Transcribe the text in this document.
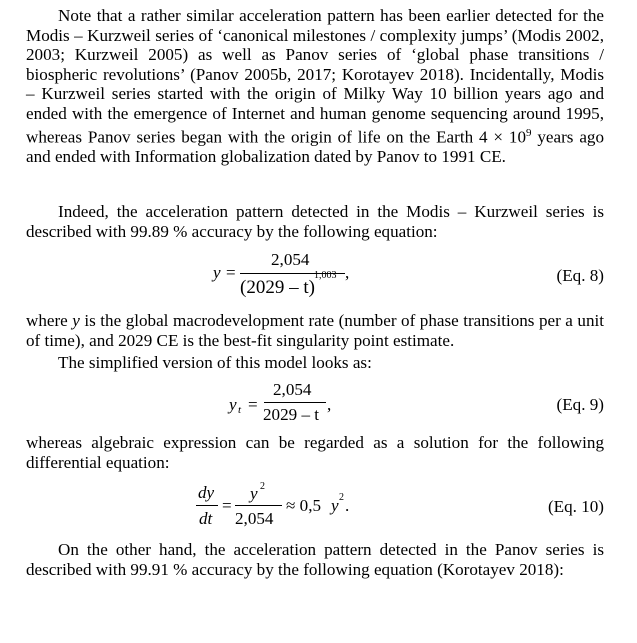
Note that a rather similar acceleration pattern has been earlier detected for the Modis – Kurzweil series of ‘canonical milestones / complexity jumps’ (Modis 2002, 2003; Kurzweil 2005) as well as Panov series of ‘global phase transitions / biospheric revolutions’ (Panov 2005b, 2017; Korotayev 2018). Incidentally, Modis – Kurzweil series started with the origin of Milky Way 10 billion years ago and ended with the emergence of Internet and human genome sequencing around 1995, whereas Panov series began with the origin of life on the Earth $4 \times 10^9$ years ago and ended with Information globalization dated by Panov to 1991 CE.

Indeed, the acceleration pattern detected in the Modis – Kurzweil series is described with 99.89 % accuracy by the following equation:

y =
2,054
(2029 – t)
1,003 ,	(Eq. 8)

where y is the global macrodevelopment rate (number of phase transitions per a unit of time), and 2029 CE is the best-fit singularity point estimate.

The simplified version of this model looks as:

y t =
2,054
2029 – t
,	(Eq. 9)

whereas algebraic expression can be regarded as a solution for the following differential equation:

dy
dt
=
y 2
2,054
≈ 0,5 y 2 .	(Eq. 10)

On the other hand, the acceleration pattern detected in the Panov series is described with 99.91 % accuracy by the following equation (Korotayev 2018):
